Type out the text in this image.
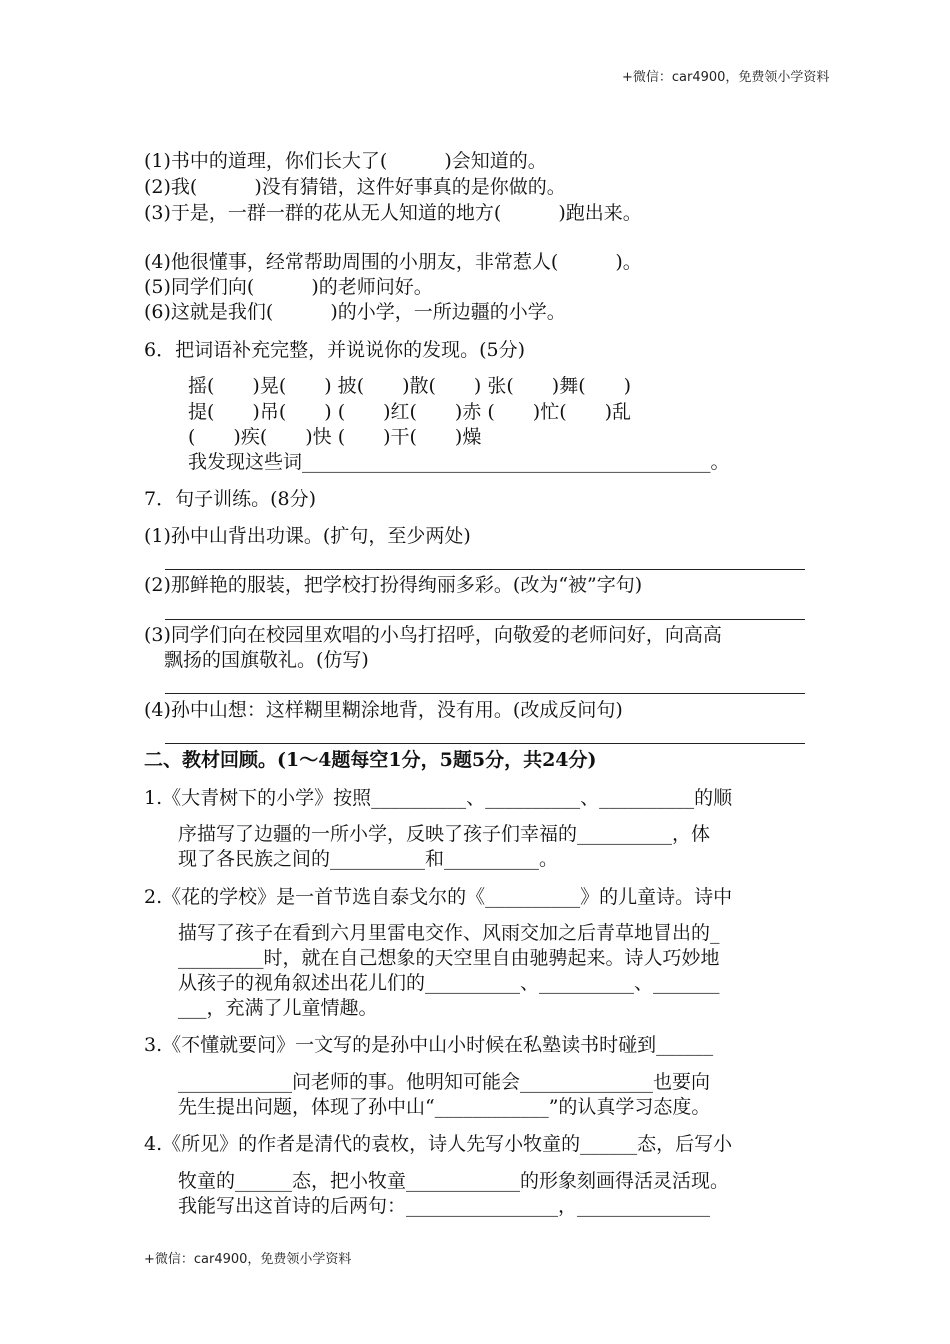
+微信：car4900，免费领小学资料
(1)书中的道理，你们长大了(　　　)会知道的。
(2)我(　　　)没有猜错，这件好事真的是你做的。
(3)于是，一群一群的花从无人知道的地方(　　　)跑出来。
(4)他很懂事，经常帮助周围的小朋友，非常惹人(　　　)。
(5)同学们向(　　　)的老师问好。
(6)这就是我们(　　　)的小学，一所边疆的小学。
6．把词语补充完整，并说说你的发现。(5分)
摇(　　)晃(　　) 披(　　)散(　　) 张(　　)舞(　　)
提(　　)吊(　　) (　　)红(　　)赤 (　　)忙(　　)乱
(　　)疾(　　)快 (　　)干(　　)燥
我发现这些词___________________________________________。
7．句子训练。(8分)
(1)孙中山背出功课。(扩句，至少两处)
(2)那鲜艳的服装，把学校打扮得绚丽多彩。(改为“被”字句)
(3)同学们向在校园里欢唱的小鸟打招呼，向敬爱的老师问好，向高高
飘扬的国旗敬礼。(仿写)
(4)孙中山想：这样糊里糊涂地背，没有用。(改成反问句)
二、教材回顾。(1～4题每空1分，5题5分，共24分)
1.《大青树下的小学》按照__________、__________、__________的顺
序描写了边疆的一所小学，反映了孩子们幸福的__________，体
现了各民族之间的__________和__________。
2.《花的学校》是一首节选自泰戈尔的《__________》的儿童诗。诗中
描写了孩子在看到六月里雷电交作、风雨交加之后青草地冒出的_
_________时，就在自己想象的天空里自由驰骋起来。诗人巧妙地
从孩子的视角叙述出花儿们的__________、__________、_______
___，充满了儿童情趣。
3.《不懂就要问》一文写的是孙中山小时候在私塾读书时碰到______
____________问老师的事。他明知可能会______________也要向
先生提出问题，体现了孙中山“____________”的认真学习态度。
4.《所见》的作者是清代的袁枚，诗人先写小牧童的______态，后写小
牧童的______态，把小牧童____________的形象刻画得活灵活现。
我能写出这首诗的后两句：________________，______________
+微信：car4900，免费领小学资料
